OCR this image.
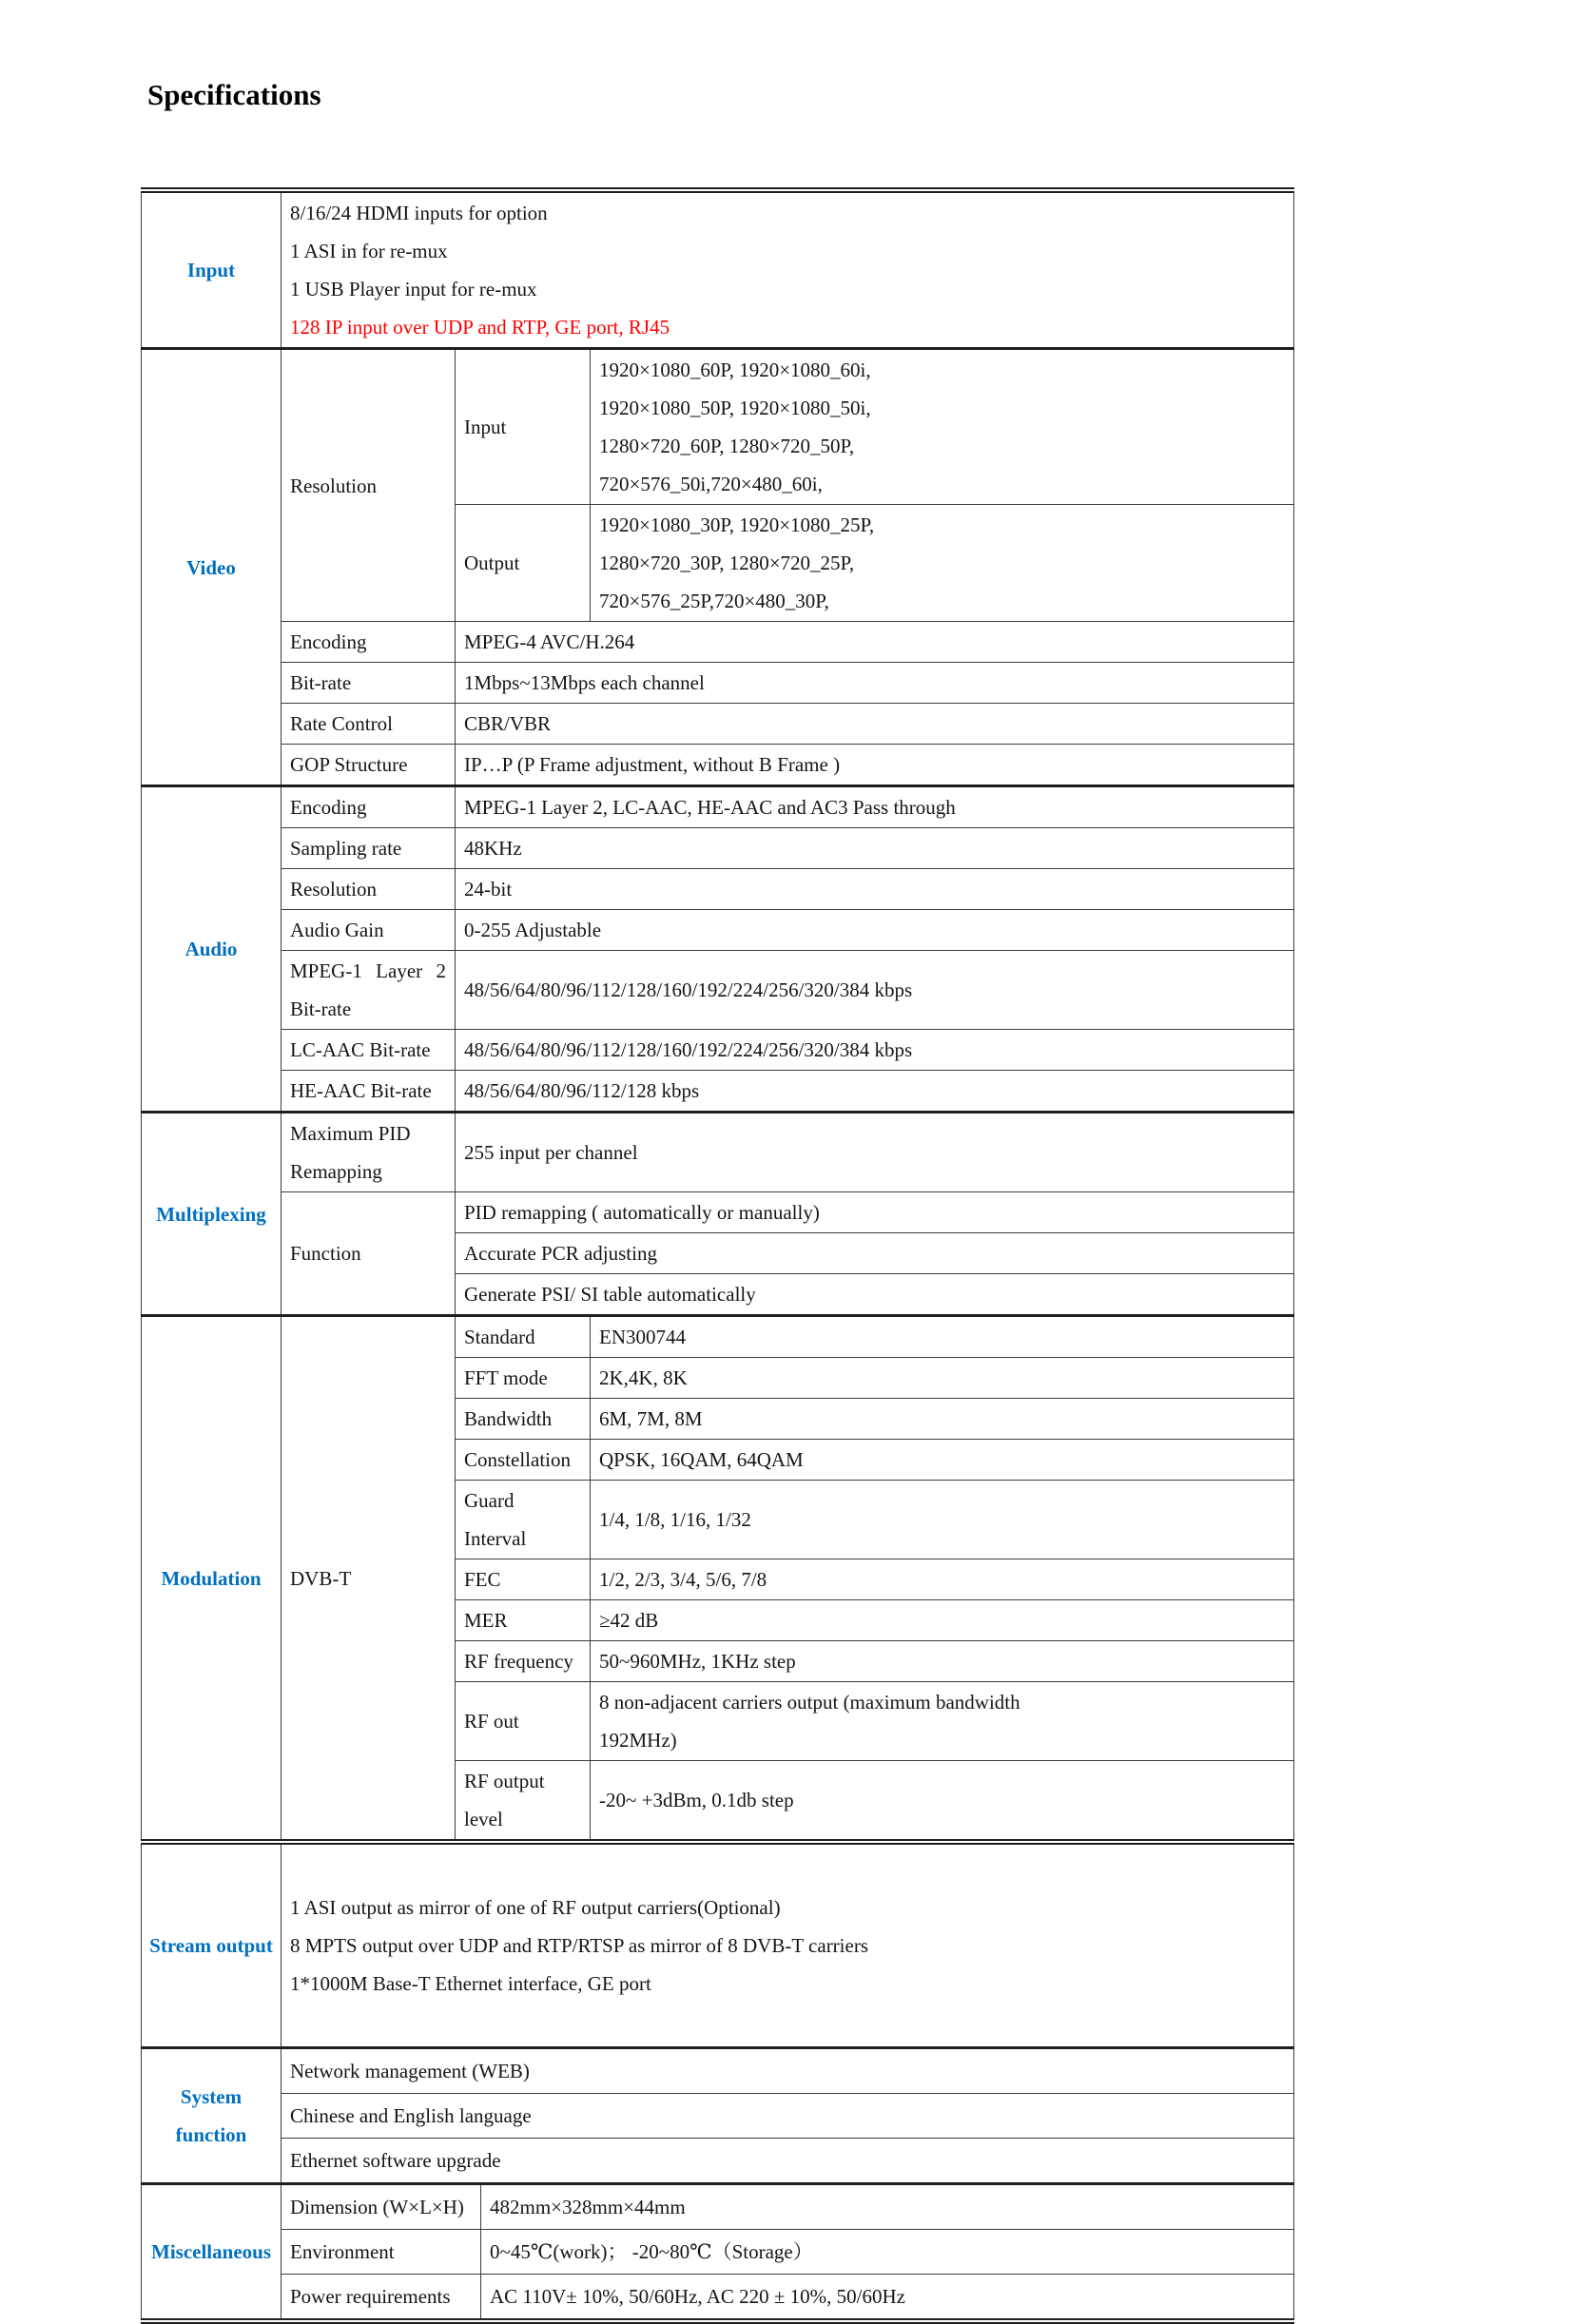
Specifications
Input	8/16/24 HDMI inputs for option
1 ASI in for re-mux
1 USB Player input for re-mux
128 IP input over UDP and RTP, GE port, RJ45			

Video	Resolution	Input		1920×1080_60P, 1920×1080_60i,
1920×1080_50P, 1920×1080_50i,
1280×720_60P, 1280×720_50P,
720×576_50i,720×480_60i,

		Output		1920×1080_30P, 1920×1080_25P,
1280×720_30P, 1280×720_25P,
720×576_25P,720×480_30P,

	Encoding	MPEG-4 AVC/H.264		
	Bit-rate	1Mbps~13Mbps each channel		
	Rate Control	CBR/VBR		
	GOP Structure	IP…P (P Frame adjustment, without B Frame )		
Audio	Encoding	MPEG-1 Layer 2, LC-AAC, HE-AAC and AC3 Pass through		
	Sampling rate	48KHz		
	Resolution	24-bit		
	Audio Gain	0-255 Adjustable		
	MPEG-1 Layer 2 Bit-rate	48/56/64/80/96/112/128/160/192/224/256/320/384 kbps		
	LC-AAC Bit-rate	48/56/64/80/96/112/128/160/192/224/256/320/384 kbps		
	HE-AAC Bit-rate	48/56/64/80/96/112/128 kbps		
Multiplexing	Maximum PID Remapping	255 input per channel		
	Function	PID remapping ( automatically or manually)		
		Accurate PCR adjusting		
		Generate PSI/ SI table automatically		
Modulation	DVB-T	Standard		EN300744
		FFT mode		2K,4K, 8K
		Bandwidth		6M, 7M, 8M
		Constellation		QPSK, 16QAM, 64QAM
		Guard Interval		1/4, 1/8, 1/16, 1/32
		FEC		1/2, 2/3, 3/4, 5/6, 7/8
		MER		≥42 dB
		RF frequency		50~960MHz, 1KHz step
		RF out		8 non-adjacent carriers output (maximum bandwidth 192MHz)
		RF output level		-20~ +3dBm, 0.1db step
Stream output	1 ASI output as mirror of one of RF output carriers(Optional)
8 MPTS output over UDP and RTP/RTSP as mirror of 8 DVB-T carriers
1*1000M Base-T Ethernet interface, GE port			

System function	Network management (WEB)			
	Chinese and English language			
	Ethernet software upgrade			
Miscellaneous	Dimension (W×L×H)		482mm×328mm×44mm	
	Environment		0~45℃(work)； -20~80℃（Storage）	
	Power requirements		AC 110V± 10%, 50/60Hz, AC 220 ± 10%, 50/60Hz	
